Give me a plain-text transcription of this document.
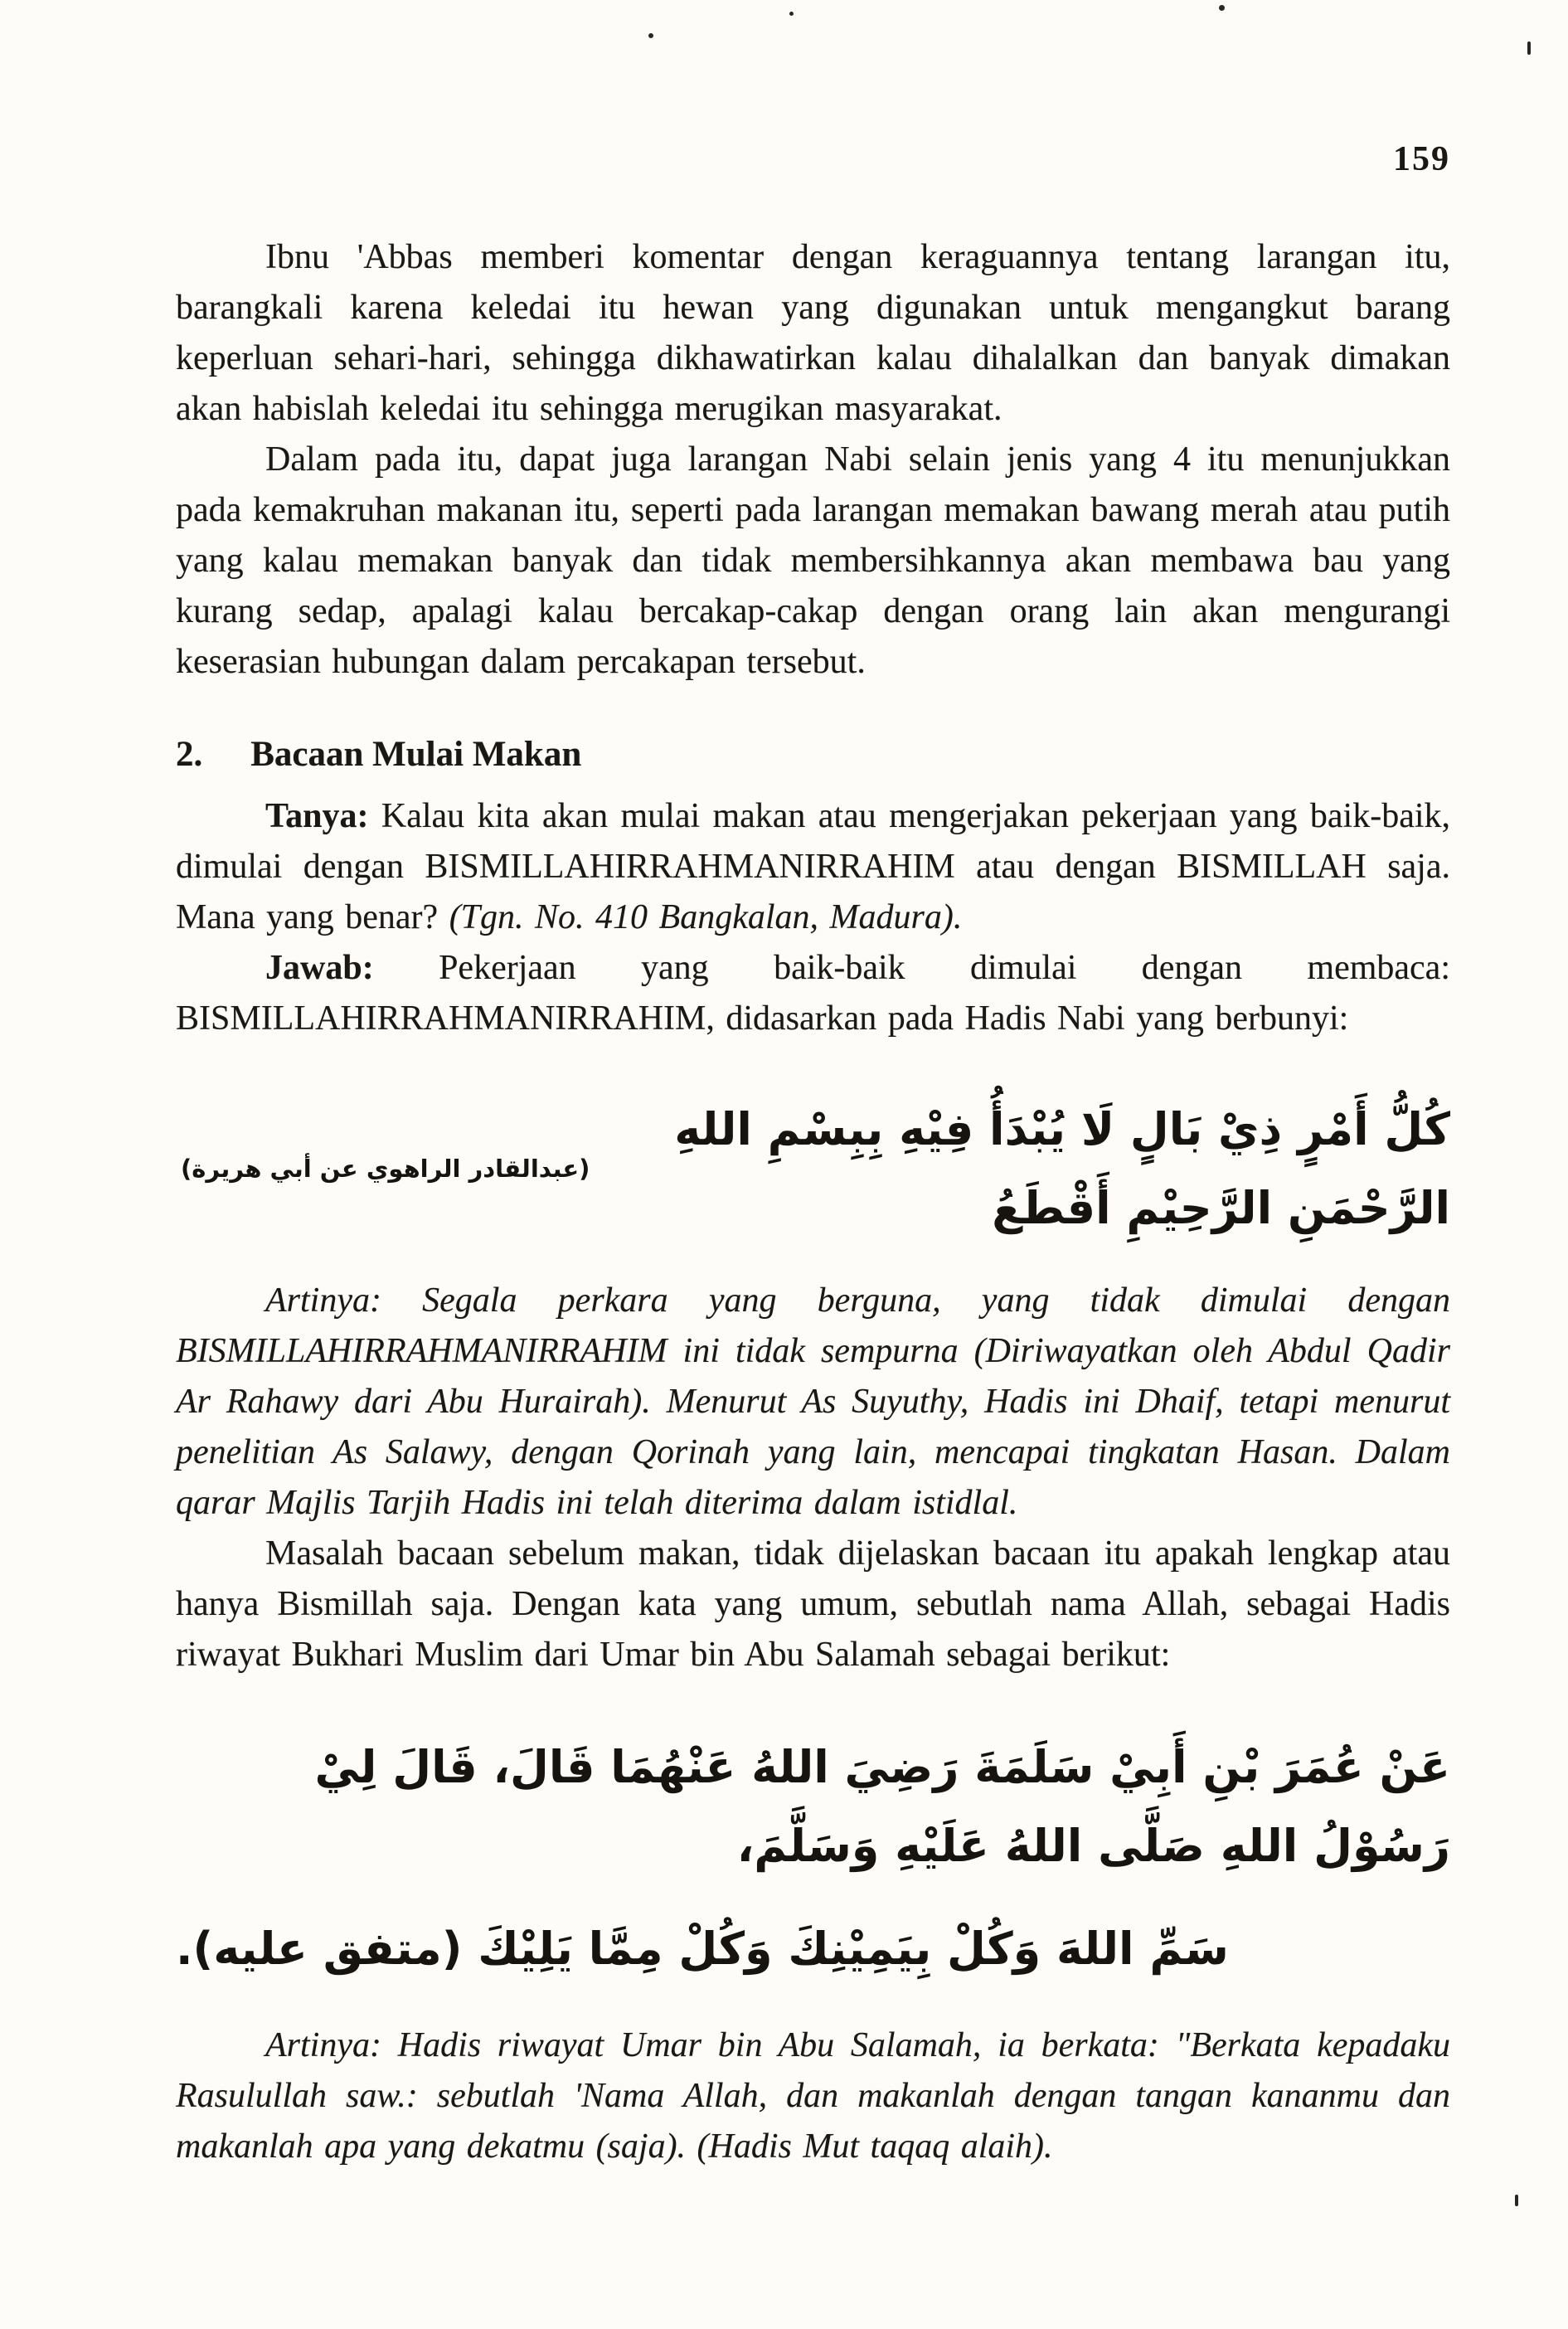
159

Ibnu 'Abbas memberi komentar dengan keraguannya tentang larangan itu, barangkali karena keledai itu hewan yang digunakan untuk mengangkut barang keperluan sehari-hari, sehingga dikhawatirkan kalau dihalalkan dan banyak dimakan akan habislah keledai itu sehingga merugikan masyarakat.

Dalam pada itu, dapat juga larangan Nabi selain jenis yang 4 itu menunjukkan pada kemakruhan makanan itu, seperti pada larangan memakan bawang merah atau putih yang kalau memakan banyak dan tidak membersihkannya akan membawa bau yang kurang sedap, apalagi kalau bercakap-cakap dengan orang lain akan mengurangi keserasian hubungan dalam percakapan tersebut.

2. Bacaan Mulai Makan

Tanya: Kalau kita akan mulai makan atau mengerjakan pekerjaan yang baik-baik, dimulai dengan BISMILLAHIRRAHMANIRRAHIM atau dengan BISMILLAH saja. Mana yang benar? (Tgn. No. 410 Bangkalan, Madura).

Jawab: Pekerjaan yang baik-baik dimulai dengan membaca: BISMILLAHIRRAHMANIRRAHIM, didasarkan pada Hadis Nabi yang berbunyi:

كُلُّ أَمْرٍ ذِيْ بَالٍ لَا يُبْدَأُ فِيْهِ بِبِسْمِ اللهِ الرَّحْمَنِ الرَّحِيْمِ أَقْطَعُ
(عبدالقادر الراهوي عن أبي هريرة)

Artinya: Segala perkara yang berguna, yang tidak dimulai dengan BISMILLAHIRRAHMANIRRAHIM ini tidak sempurna (Diriwayatkan oleh Abdul Qadir Ar Rahawy dari Abu Hurairah). Menurut As Suyuthy, Hadis ini Dhaif, tetapi menurut penelitian As Salawy, dengan Qorinah yang lain, mencapai tingkatan Hasan. Dalam qarar Majlis Tarjih Hadis ini telah diterima dalam istidlal.

Masalah bacaan sebelum makan, tidak dijelaskan bacaan itu apakah lengkap atau hanya Bismillah saja. Dengan kata yang umum, sebutlah nama Allah, sebagai Hadis riwayat Bukhari Muslim dari Umar bin Abu Salamah sebagai berikut:

عَنْ عُمَرَ بْنِ أَبِيْ سَلَمَةَ رَضِيَ اللهُ عَنْهُمَا قَالَ، قَالَ لِيْ رَسُوْلُ اللهِ صَلَّى اللهُ عَلَيْهِ وَسَلَّمَ،
سَمِّ اللهَ وَكُلْ بِيَمِيْنِكَ وَكُلْ مِمَّا يَلِيْكَ (متفق عليه).

Artinya: Hadis riwayat Umar bin Abu Salamah, ia berkata: "Berkata kepadaku Rasulullah saw.: sebutlah 'Nama Allah, dan makanlah dengan tangan kananmu dan makanlah apa yang dekatmu (saja). (Hadis Mut taqaq alaih).
